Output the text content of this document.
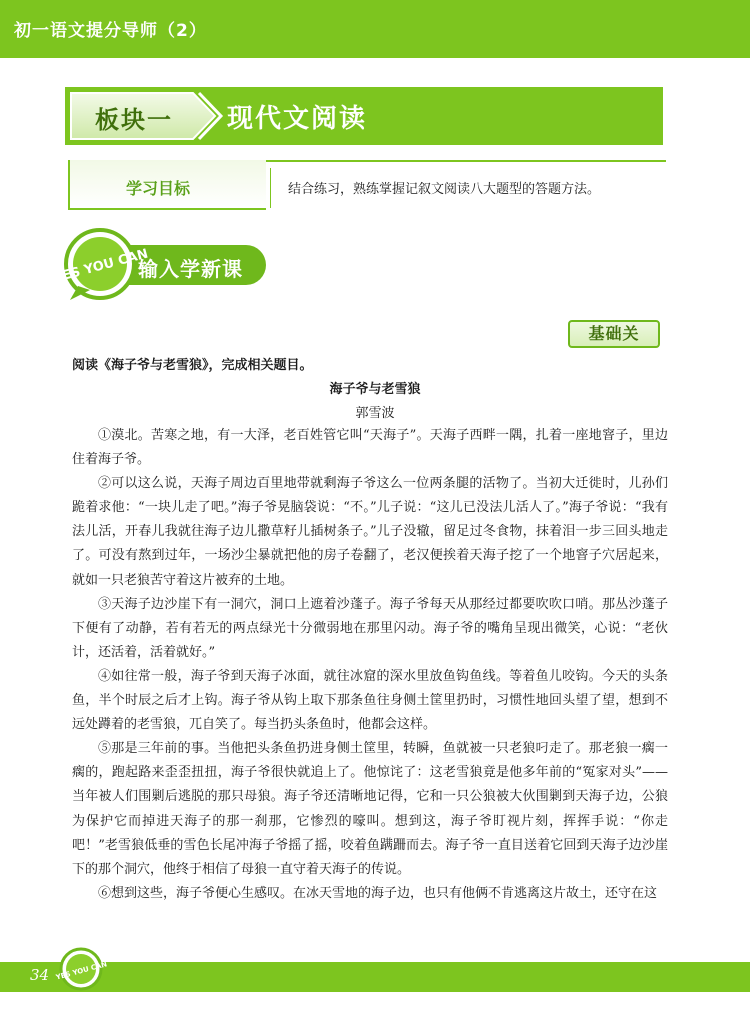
初一语文提分导师（2）
板块一 现代文阅读
学习目标	结合练习，熟练掌握记叙文阅读八大题型的答题方法。
YES YOU CAN
输入学新课
基础关
阅读《海子爷与老雪狼》，完成相关题目。
海子爷与老雪狼
郭雪波

①漠北。苦寒之地，有一大泽，老百姓管它叫“天海子”。天海子西畔一隅，扎着一座地窨子，里边住着海子爷。

②可以这么说，天海子周边百里地带就剩海子爷这么一位两条腿的活物了。当初大迁徙时，儿孙们跪着求他：“一块儿走了吧。”海子爷晃脑袋说：“不。”儿子说：“这儿已没法儿活人了。”海子爷说：“我有法儿活，开春儿我就往海子边儿撒草籽儿插树条子。”儿子没辙，留足过冬食物，抹着泪一步三回头地走了。可没有熬到过年，一场沙尘暴就把他的房子卷翻了，老汉便挨着天海子挖了一个地窨子穴居起来，就如一只老狼苦守着这片被弃的土地。

③天海子边沙崖下有一洞穴，洞口上遮着沙蓬子。海子爷每天从那经过都要吹吹口哨。那丛沙蓬子下便有了动静，若有若无的两点绿光十分微弱地在那里闪动。海子爷的嘴角呈现出微笑，心说：“老伙计，还活着，活着就好。”

④如往常一般，海子爷到天海子冰面，就往冰窟的深水里放鱼钩鱼线。等着鱼儿咬钩。今天的头条鱼，半个时辰之后才上钩。海子爷从钩上取下那条鱼往身侧土筐里扔时，习惯性地回头望了望，想到不远处蹲着的老雪狼，兀自笑了。每当扔头条鱼时，他都会这样。

⑤那是三年前的事。当他把头条鱼扔进身侧土筐里，转瞬，鱼就被一只老狼叼走了。那老狼一瘸一瘸的，跑起路来歪歪扭扭，海子爷很快就追上了。他惊诧了：这老雪狼竟是他多年前的“冤家对头”——当年被人们围剿后逃脱的那只母狼。海子爷还清晰地记得，它和一只公狼被大伙围剿到天海子边，公狼为保护它而掉进天海子的那一刹那，它惨烈的嚎叫。想到这，海子爷盯视片刻，挥挥手说：“你走吧！”老雪狼低垂的雪色长尾冲海子爷摇了摇，咬着鱼蹒跚而去。海子爷一直目送着它回到天海子边沙崖下的那个洞穴，他终于相信了母狼一直守着天海子的传说。

⑥想到这些，海子爷便心生感叹。在冰天雪地的海子边，也只有他俩不肯逃离这片故土，还守在这

34 YES YOU CAN
